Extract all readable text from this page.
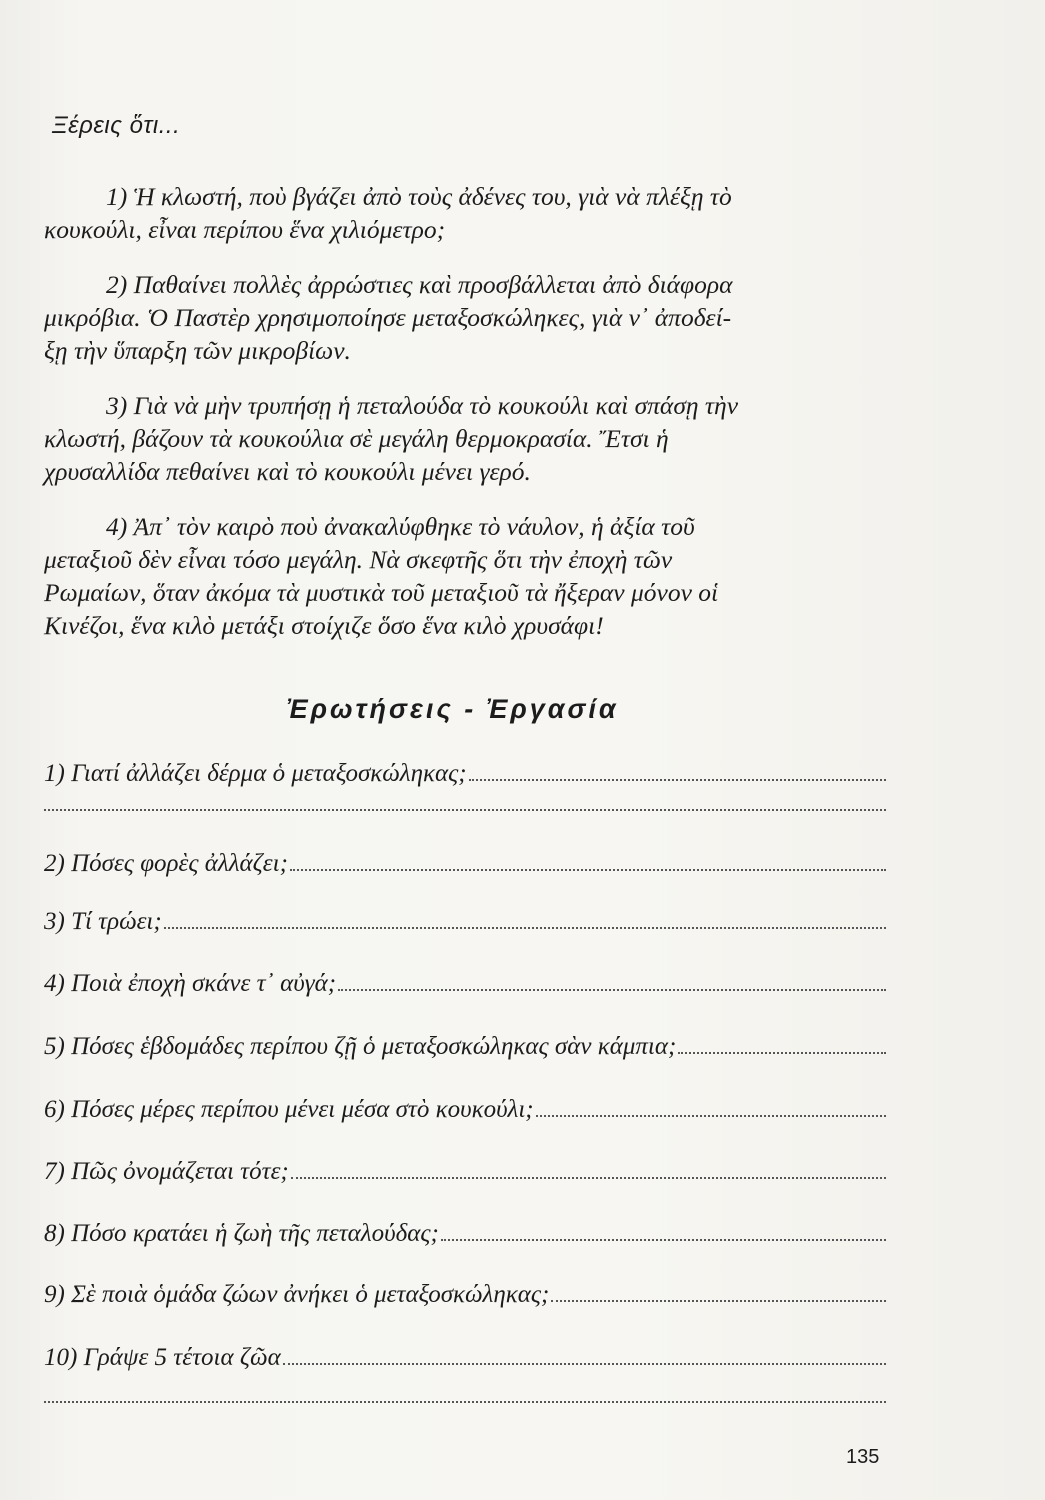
Ξέρεις ὅτι...
1) Ἡ κλωστή, ποὺ βγάζει ἀπὸ τοὺς ἀδένες του, γιὰ νὰ πλέξῃ τὸ
κουκούλι, εἶναι περίπου ἕνα χιλιόμετρο;
2) Παθαίνει πολλὲς ἀρρώστιες καὶ προσβάλλεται ἀπὸ διάφορα
μικρόβια. Ὁ Παστὲρ χρησιμοποίησε μεταξοσκώληκες, γιὰ ν᾿ ἀποδεί-
ξῃ τὴν ὕπαρξη τῶν μικροβίων.
3) Γιὰ νὰ μὴν τρυπήσῃ ἡ πεταλούδα τὸ κουκούλι καὶ σπάσῃ τὴν
κλωστή, βάζουν τὰ κουκούλια σὲ μεγάλη θερμοκρασία. Ἔτσι ἡ
χρυσαλλίδα πεθαίνει καὶ τὸ κουκούλι μένει γερό.
4) Ἀπ᾿ τὸν καιρὸ ποὺ ἀνακαλύφθηκε τὸ νάυλον, ἡ ἀξία τοῦ
μεταξιοῦ δὲν εἶναι τόσο μεγάλη. Νὰ σκεφτῆς ὅτι τὴν ἐποχὴ τῶν
Ρωμαίων, ὅταν ἀκόμα τὰ μυστικὰ τοῦ μεταξιοῦ τὰ ἤξεραν μόνον οἱ
Κινέζοι, ἕνα κιλὸ μετάξι στοίχιζε ὅσο ἕνα κιλὸ χρυσάφι!
Ἐρωτήσεις - Ἐργασία
1) Γιατί ἀλλάζει δέρμα ὁ μεταξοσκώληκας;
2) Πόσες φορὲς ἀλλάζει;
3) Τί τρώει;
4) Ποιὰ ἐποχὴ σκάνε τ᾿ αὐγά;
5) Πόσες ἑβδομάδες περίπου ζῇ ὁ μεταξοσκώληκας σὰν κάμπια;
6) Πόσες μέρες περίπου μένει μέσα στὸ κουκούλι;
7) Πῶς ὀνομάζεται τότε;
8) Πόσο κρατάει ἡ ζωὴ τῆς πεταλούδας;
9) Σὲ ποιὰ ὁμάδα ζώων ἀνήκει ὁ μεταξοσκώληκας;
10) Γράψε 5 τέτοια ζῶα
135
